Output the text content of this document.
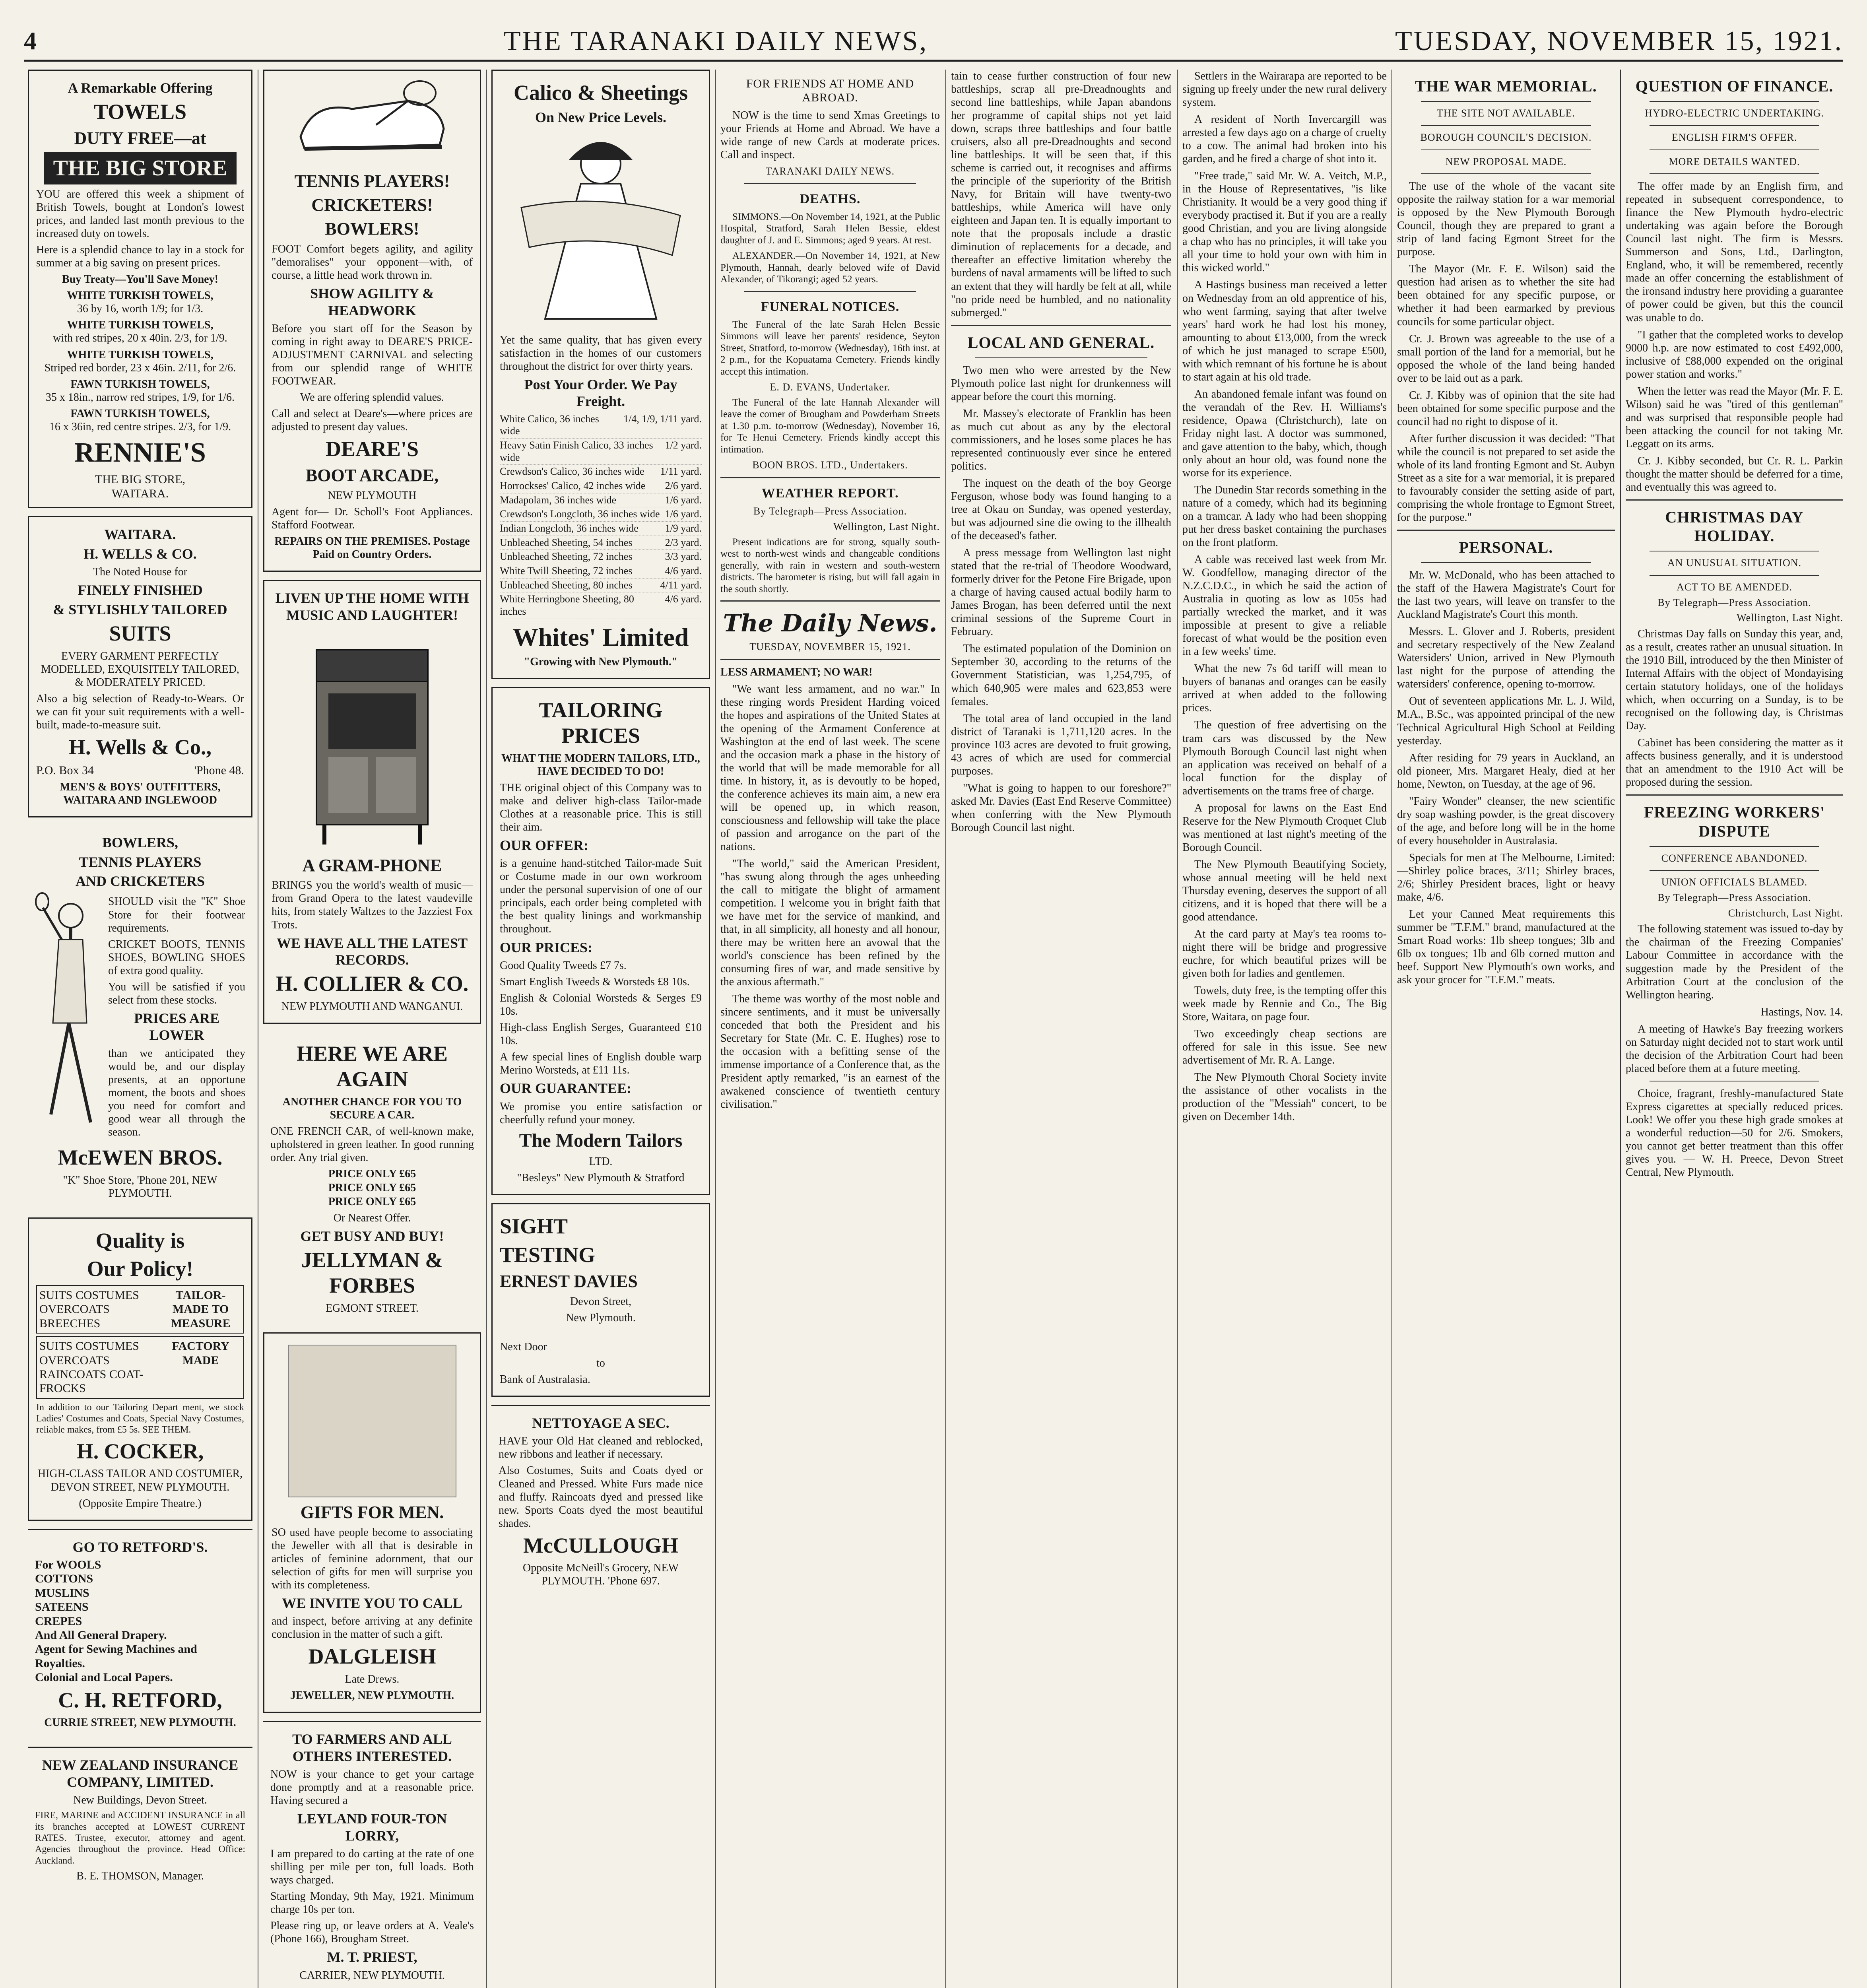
4	THE TARANAKI DAILY NEWS,	TUESDAY, NOVEMBER 15, 1921.
A Remarkable Offering
TOWELS
DUTY FREE—at
THE BIG STORE

YOU are offered this week a shipment of British Towels, bought at London's lowest prices, and landed last month previous to the increased duty on towels.

Here is a splendid chance to lay in a stock for summer at a big saving on present prices.

Buy Treaty—You'll Save Money!

WHITE TURKISH TOWELS,

36 by 16, worth 1/9; for 1/3.

WHITE TURKISH TOWELS,

with red stripes, 20 x 40in. 2/3, for 1/9.

WHITE TURKISH TOWELS,

Striped red border, 23 x 46in. 2/11, for 2/6.

FAWN TURKISH TOWELS,

35 x 18in., narrow red stripes, 1/9, for 1/6.

FAWN TURKISH TOWELS,

16 x 36in, red centre stripes. 2/3, for 1/9.

RENNIE'S
THE BIG STORE,
WAITARA.
WAITARA.
H. WELLS & CO.

The Noted House for

FINELY FINISHED
& STYLISHLY TAILORED
SUITS

EVERY GARMENT PERFECTLY MODELLED, EXQUISITELY TAILORED, & MODERATELY PRICED.

Also a big selection of Ready-to-Wears. Or we can fit your suit requirements with a well-built, made-to-measure suit.

H. Wells & Co.,
P.O. Box 34	'Phone 48.

MEN'S & BOYS' OUTFITTERS, WAITARA AND INGLEWOOD

BOWLERS,
TENNIS PLAYERS
AND CRICKETERS

SHOULD visit the "K" Shoe Store for their footwear requirements.

CRICKET BOOTS, TENNIS SHOES, BOWLING SHOES of extra good quality.

You will be satisfied if you select from these stocks.

PRICES ARE LOWER

than we anticipated they would be, and our display presents, at an opportune moment, the boots and shoes you need for comfort and good wear all through the season.

McEWEN BROS.

"K" Shoe Store, 'Phone 201, NEW PLYMOUTH.

Quality is
Our Policy!
SUITS COSTUMES OVERCOATS BREECHES
TAILOR-MADE TO MEASURE
SUITS COSTUMES OVERCOATS RAINCOATS COAT-FROCKS
FACTORY MADE

In addition to our Tailoring Depart ment, we stock Ladies' Costumes and Coats, Special Navy Costumes, reliable makes, from £5 5s. SEE THEM.

H. COCKER,

HIGH-CLASS TAILOR AND COSTUMIER, DEVON STREET, NEW PLYMOUTH.

(Opposite Empire Theatre.)

GO TO RETFORD'S.
For WOOLS
COTTONS
MUSLINS
SATEENS
CREPES
And All General Drapery.
Agent for Sewing Machines and Royalties.
Colonial and Local Papers.
C. H. RETFORD,

CURRIE STREET, NEW PLYMOUTH.

NEW ZEALAND INSURANCE COMPANY, LIMITED.

New Buildings, Devon Street.

FIRE, MARINE and ACCIDENT INSURANCE in all its branches accepted at LOWEST CURRENT RATES. Trustee, executor, attorney and agent. Agencies throughout the province. Head Office: Auckland.

B. E. THOMSON, Manager.

TENNIS PLAYERS!
CRICKETERS!
BOWLERS!

FOOT Comfort begets agility, and agility "demoralises" your opponent—with, of course, a little head work thrown in.

SHOW AGILITY & HEADWORK

Before you start off for the Season by coming in right away to DEARE'S PRICE-ADJUSTMENT CARNIVAL and selecting from our splendid range of WHITE FOOTWEAR.

We are offering splendid values.

Call and select at Deare's—where prices are adjusted to present day values.

DEARE'S
BOOT ARCADE,

NEW PLYMOUTH

Agent for— Dr. Scholl's Foot Appliances. Stafford Footwear.

REPAIRS ON THE PREMISES. Postage Paid on Country Orders.

LIVEN UP THE HOME WITH MUSIC AND LAUGHTER!
A GRAM-PHONE

BRINGS you the world's wealth of music—from Grand Opera to the latest vaudeville hits, from stately Waltzes to the Jazziest Fox Trots.

WE HAVE ALL THE LATEST RECORDS.
H. COLLIER & CO.

NEW PLYMOUTH AND WANGANUI.

HERE WE ARE AGAIN

ANOTHER CHANCE FOR YOU TO SECURE A CAR.

ONE FRENCH CAR, of well-known make, upholstered in green leather. In good running order. Any trial given.

PRICE ONLY £65

PRICE ONLY £65

PRICE ONLY £65

Or Nearest Offer.

GET BUSY AND BUY!
JELLYMAN & FORBES

EGMONT STREET.

GIFTS FOR MEN.

SO used have people become to associating the Jeweller with all that is desirable in articles of feminine adornment, that our selection of gifts for men will surprise you with its completeness.

WE INVITE YOU TO CALL

and inspect, before arriving at any definite conclusion in the matter of such a gift.

DALGLEISH

Late Drews.

JEWELLER, NEW PLYMOUTH.

TO FARMERS AND ALL OTHERS INTERESTED.

NOW is your chance to get your cartage done promptly and at a reasonable price. Having secured a

LEYLAND FOUR-TON LORRY,

I am prepared to do carting at the rate of one shilling per mile per ton, full loads. Both ways charged.

Starting Monday, 9th May, 1921. Minimum charge 10s per ton.

Please ring up, or leave orders at A. Veale's (Phone 166), Brougham Street.

M. T. PRIEST,

CARRIER, NEW PLYMOUTH.

Calico & Sheetings
On New Price Levels.

Yet the same quality, that has given every satisfaction in the homes of our customers throughout the district for over thirty years.

Post Your Order. We Pay Freight.
White Calico, 36 inches wide
1/4, 1/9, 1/11 yard.
Heavy Satin Finish Calico, 33 inches wide
1/2 yard.
Crewdson's Calico, 36 inches wide	1/11 yard.
Horrockses' Calico, 42 inches wide	2/6 yard.
Madapolam, 36 inches wide	1/6 yard.
Crewdson's Longcloth, 36 inches wide 1/6 yard.
Indian Longcloth, 36 inches wide	1/9 yard.
Unbleached Sheeting, 54 inches	2/3 yard.
Unbleached Sheeting, 72 inches	3/3 yard.
White Twill Sheeting, 72 inches	4/6 yard.
Unbleached Sheeting, 80 inches	4/11 yard.
White Herringbone Sheeting, 80 inches
4/6 yard.
Whites' Limited

"Growing with New Plymouth."

TAILORING PRICES

WHAT THE MODERN TAILORS, LTD., HAVE DECIDED TO DO!

THE original object of this Company was to make and deliver high-class Tailor-made Clothes at a reasonable price. This is still their aim.

OUR OFFER:

is a genuine hand-stitched Tailor-made Suit or Costume made in our own workroom under the personal supervision of one of our principals, each order being completed with the best quality linings and workmanship throughout.

OUR PRICES:

Good Quality Tweeds £7 7s.

Smart English Tweeds & Worsteds £8 10s.

English & Colonial Worsteds & Serges £9 10s.

High-class English Serges, Guaranteed £10 10s.

A few special lines of English double warp Merino Worsteds, at £11 11s.

OUR GUARANTEE:

We promise you entire satisfaction or cheerfully refund your money.

The Modern Tailors

LTD.

"Besleys" New Plymouth & Stratford

SIGHT
TESTING
ERNEST DAVIES

Devon Street,

New Plymouth.

Next Door

to

Bank of Australasia.

NETTOYAGE A SEC.

HAVE your Old Hat cleaned and reblocked, new ribbons and leather if necessary.

Also Costumes, Suits and Coats dyed or Cleaned and Pressed. White Furs made nice and fluffy. Raincoats dyed and pressed like new. Sports Coats dyed the most beautiful shades.

McCULLOUGH

Opposite McNeill's Grocery, NEW PLYMOUTH. 'Phone 697.

FOR FRIENDS AT HOME AND ABROAD.

NOW is the time to send Xmas Greetings to your Friends at Home and Abroad. We have a wide range of new Cards at moderate prices. Call and inspect.

TARANAKI DAILY NEWS.
DEATHS.

SIMMONS.—On November 14, 1921, at the Public Hospital, Stratford, Sarah Helen Bessie, eldest daughter of J. and E. Simmons; aged 9 years. At rest.

ALEXANDER.—On November 14, 1921, at New Plymouth, Hannah, dearly beloved wife of David Alexander, of Tikorangi; aged 52 years.

FUNERAL NOTICES.

The Funeral of the late Sarah Helen Bessie Simmons will leave her parents' residence, Seyton Street, Stratford, to-morrow (Wednesday), 16th inst. at 2 p.m., for the Kopuatama Cemetery. Friends kindly accept this intimation.

E. D. EVANS, Undertaker.

The Funeral of the late Hannah Alexander will leave the corner of Brougham and Powderham Streets at 1.30 p.m. to-morrow (Wednesday), November 16, for Te Henui Cemetery. Friends kindly accept this intimation.

BOON BROS. LTD., Undertakers.
WEATHER REPORT.
By Telegraph—Press Association.
Wellington, Last Night.

Present indications are for strong, squally south-west to north-west winds and changeable conditions generally, with rain in western and south-western districts. The barometer is rising, but will fall again in the south shortly.

The Daily News.
TUESDAY, NOVEMBER 15, 1921.

LESS ARMAMENT; NO WAR!

"We want less armament, and no war." In these ringing words President Harding voiced the hopes and aspirations of the United States at the opening of the Armament Conference at Washington at the end of last week. The scene and the occasion mark a phase in the history of the world that will be made memorable for all time. In history, it, as is devoutly to be hoped, the conference achieves its main aim, a new era will be opened up, in which reason, consciousness and fellowship will take the place of passion and arrogance on the part of the nations.

"The world," said the American President, "has swung along through the ages unheeding the call to mitigate the blight of armament competition. I welcome you in bright faith that we have met for the service of mankind, and that, in all simplicity, all honesty and all honour, there may be written here an avowal that the world's conscience has been refined by the consuming fires of war, and made sensitive by the anxious aftermath."

The theme was worthy of the most noble and sincere sentiments, and it must be universally conceded that both the President and his Secretary for State (Mr. C. E. Hughes) rose to the occasion with a befitting sense of the immense importance of a Conference that, as the President aptly remarked, "is an earnest of the awakened conscience of twentieth century civilisation."

tain to cease further construction of four new battleships, scrap all pre-Dreadnoughts and second line battleships, while Japan abandons her programme of capital ships not yet laid down, scraps three battleships and four battle cruisers, also all pre-Dreadnoughts and second line battleships. It will be seen that, if this scheme is carried out, it recognises and affirms the principle of the superiority of the British Navy, for Britain will have twenty-two battleships, while America will have only eighteen and Japan ten. It is equally important to note that the proposals include a drastic diminution of replacements for a decade, and thereafter an effective limitation whereby the burdens of naval armaments will be lifted to such an extent that they will hardly be felt at all, while "no pride need be humbled, and no nationality submerged."

LOCAL AND GENERAL.

Two men who were arrested by the New Plymouth police last night for drunkenness will appear before the court this morning.

Mr. Massey's electorate of Franklin has been as much cut about as any by the electoral commissioners, and he loses some places he has represented continuously ever since he entered politics.

The inquest on the death of the boy George Ferguson, whose body was found hanging to a tree at Okau on Sunday, was opened yesterday, but was adjourned sine die owing to the illhealth of the deceased's father.

A press message from Wellington last night stated that the re-trial of Theodore Woodward, formerly driver for the Petone Fire Brigade, upon a charge of having caused actual bodily harm to James Brogan, has been deferred until the next criminal sessions of the Supreme Court in February.

The estimated population of the Dominion on September 30, according to the returns of the Government Statistician, was 1,254,795, of which 640,905 were males and 623,853 were females.

The total area of land occupied in the land district of Taranaki is 1,711,120 acres. In the province 103 acres are devoted to fruit growing, 43 acres of which are used for commercial purposes.

"What is going to happen to our foreshore?" asked Mr. Davies (East End Reserve Committee) when conferring with the New Plymouth Borough Council last night.

Settlers in the Wairarapa are reported to be signing up freely under the new rural delivery system.

A resident of North Invercargill was arrested a few days ago on a charge of cruelty to a cow. The animal had broken into his garden, and he fired a charge of shot into it.

"Free trade," said Mr. W. A. Veitch, M.P., in the House of Representatives, "is like Christianity. It would be a very good thing if everybody practised it. But if you are a really good Christian, and you are living alongside a chap who has no principles, it will take you all your time to hold your own with him in this wicked world."

A Hastings business man received a letter on Wednesday from an old apprentice of his, who went farming, saying that after twelve years' hard work he had lost his money, amounting to about £13,000, from the wreck of which he just managed to scrape £500, with which remnant of his fortune he is about to start again at his old trade.

An abandoned female infant was found on the verandah of the Rev. H. Williams's residence, Opawa (Christchurch), late on Friday night last. A doctor was summoned, and gave attention to the baby, which, though only about an hour old, was found none the worse for its experience.

The Dunedin Star records something in the nature of a comedy, which had its beginning on a tramcar. A lady who had been shopping put her dress basket containing the purchases on the front platform.

A cable was received last week from Mr. W. Goodfellow, managing director of the N.Z.C.D.C., in which he said the action of Australia in quoting as low as 105s had partially wrecked the market, and it was impossible at present to give a reliable forecast of what would be the position even in a few weeks' time.

What the new 7s 6d tariff will mean to buyers of bananas and oranges can be easily arrived at when added to the following prices.

The question of free advertising on the tram cars was discussed by the New Plymouth Borough Council last night when an application was received on behalf of a local function for the display of advertisements on the trams free of charge.

A proposal for lawns on the East End Reserve for the New Plymouth Croquet Club was mentioned at last night's meeting of the Borough Council.

The New Plymouth Beautifying Society, whose annual meeting will be held next Thursday evening, deserves the support of all citizens, and it is hoped that there will be a good attendance.

At the card party at May's tea rooms to-night there will be bridge and progressive euchre, for which beautiful prizes will be given both for ladies and gentlemen.

Towels, duty free, is the tempting offer this week made by Rennie and Co., The Big Store, Waitara, on page four.

Two exceedingly cheap sections are offered for sale in this issue. See new advertisement of Mr. R. A. Lange.

The New Plymouth Choral Society invite the assistance of other vocalists in the production of the "Messiah" concert, to be given on December 14th.

THE WAR MEMORIAL.
THE SITE NOT AVAILABLE.
BOROUGH COUNCIL'S DECISION.
NEW PROPOSAL MADE.

The use of the whole of the vacant site opposite the railway station for a war memorial is opposed by the New Plymouth Borough Council, though they are prepared to grant a strip of land facing Egmont Street for the purpose.

The Mayor (Mr. F. E. Wilson) said the question had arisen as to whether the site had been obtained for any specific purpose, or whether it had been earmarked by previous councils for some particular object.

Cr. J. Brown was agreeable to the use of a small portion of the land for a memorial, but he opposed the whole of the land being handed over to be laid out as a park.

Cr. J. Kibby was of opinion that the site had been obtained for some specific purpose and the council had no right to dispose of it.

After further discussion it was decided: "That while the council is not prepared to set aside the whole of its land fronting Egmont and St. Aubyn Street as a site for a war memorial, it is prepared to favourably consider the setting aside of part, comprising the whole frontage to Egmont Street, for the purpose."

PERSONAL.

Mr. W. McDonald, who has been attached to the staff of the Hawera Magistrate's Court for the last two years, will leave on transfer to the Auckland Magistrate's Court this month.

Messrs. L. Glover and J. Roberts, president and secretary respectively of the New Zealand Watersiders' Union, arrived in New Plymouth last night for the purpose of attending the watersiders' conference, opening to-morrow.

Out of seventeen applications Mr. L. J. Wild, M.A., B.Sc., was appointed principal of the new Technical Agricultural High School at Feilding yesterday.

After residing for 79 years in Auckland, an old pioneer, Mrs. Margaret Healy, died at her home, Newton, on Tuesday, at the age of 96.

"Fairy Wonder" cleanser, the new scientific dry soap washing powder, is the great discovery of the age, and before long will be in the home of every householder in Australasia.

Specials for men at The Melbourne, Limited:—Shirley police braces, 3/11; Shirley braces, 2/6; Shirley President braces, light or heavy make, 4/6.

Let your Canned Meat requirements this summer be "T.F.M." brand, manufactured at the Smart Road works: 1lb sheep tongues; 3lb and 6lb ox tongues; 1lb and 6lb corned mutton and beef. Support New Plymouth's own works, and ask your grocer for "T.F.M." meats.

QUESTION OF FINANCE.
HYDRO-ELECTRIC UNDERTAKING.
ENGLISH FIRM'S OFFER.
MORE DETAILS WANTED.

The offer made by an English firm, and repeated in subsequent correspondence, to finance the New Plymouth hydro-electric undertaking was again before the Borough Council last night. The firm is Messrs. Summerson and Sons, Ltd., Darlington, England, who, it will be remembered, recently made an offer concerning the establishment of the ironsand industry here providing a guarantee of power could be given, but this the council was unable to do.

"I gather that the completed works to develop 9000 h.p. are now estimated to cost £492,000, inclusive of £88,000 expended on the original power station and works."

When the letter was read the Mayor (Mr. F. E. Wilson) said he was "tired of this gentleman" and was surprised that responsible people had been attacking the council for not taking Mr. Leggatt on its arms.

Cr. J. Kibby seconded, but Cr. R. L. Parkin thought the matter should be deferred for a time, and eventually this was agreed to.

CHRISTMAS DAY HOLIDAY.
AN UNUSUAL SITUATION.
ACT TO BE AMENDED.
By Telegraph—Press Association.
Wellington, Last Night.

Christmas Day falls on Sunday this year, and, as a result, creates rather an unusual situation. In the 1910 Bill, introduced by the then Minister of Internal Affairs with the object of Mondayising certain statutory holidays, one of the holidays which, when occurring on a Sunday, is to be recognised on the following day, is Christmas Day.

Cabinet has been considering the matter as it affects business generally, and it is understood that an amendment to the 1910 Act will be proposed during the session.

FREEZING WORKERS' DISPUTE
CONFERENCE ABANDONED.
UNION OFFICIALS BLAMED.
By Telegraph—Press Association.
Christchurch, Last Night.

The following statement was issued to-day by the chairman of the Freezing Companies' Labour Committee in accordance with the suggestion made by the President of the Arbitration Court at the conclusion of the Wellington hearing.

Hastings, Nov. 14.

A meeting of Hawke's Bay freezing workers on Saturday night decided not to start work until the decision of the Arbitration Court had been placed before them at a future meeting.

Choice, fragrant, freshly-manufactured State Express cigarettes at specially reduced prices. Look! We offer you these high grade smokes at a wonderful reduction—50 for 2/6. Smokers, you cannot get better treatment than this offer gives you. — W. H. Preece, Devon Street Central, New Plymouth.
